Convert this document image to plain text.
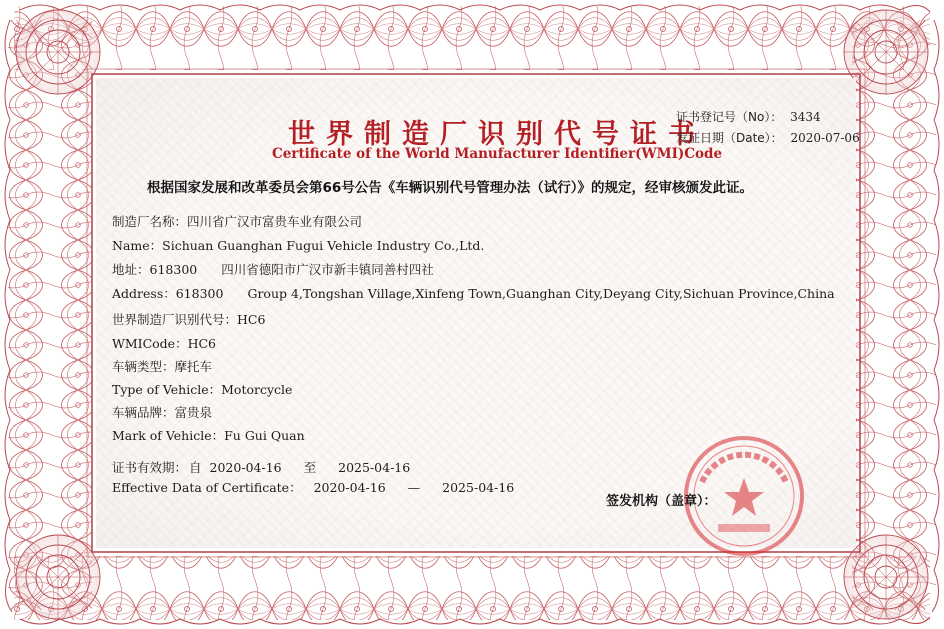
世界制造厂识别代号证书
Certificate of the World Manufacturer Identifier(WMI)Code
证书登记号（No）： 3434
发证日期（Date）： 2020-07-06
根据国家发展和改革委员会第66号公告《车辆识别代号管理办法（试行）》的规定，经审核颁发此证。
制造厂名称：四川省广汉市富贵车业有限公司
Name：Sichuan Guanghan Fugui Vehicle Industry Co.,Ltd.
地址：618300 四川省德阳市广汉市新丰镇同善村四社
Address：618300 Group 4,Tongshan Village,Xinfeng Town,Guanghan City,Deyang City,Sichuan Province,China
世界制造厂识别代号：HC6
WMICode：HC6
车辆类型：摩托车
Type of Vehicle：Motorcycle
车辆品牌：富贵泉
Mark of Vehicle：Fu Gui Quan
证书有效期： 自 2020-04-16 至 2025-04-16
Effective Data of Certificate： 2020-04-16 — 2025-04-16
签发机构（盖章）：
